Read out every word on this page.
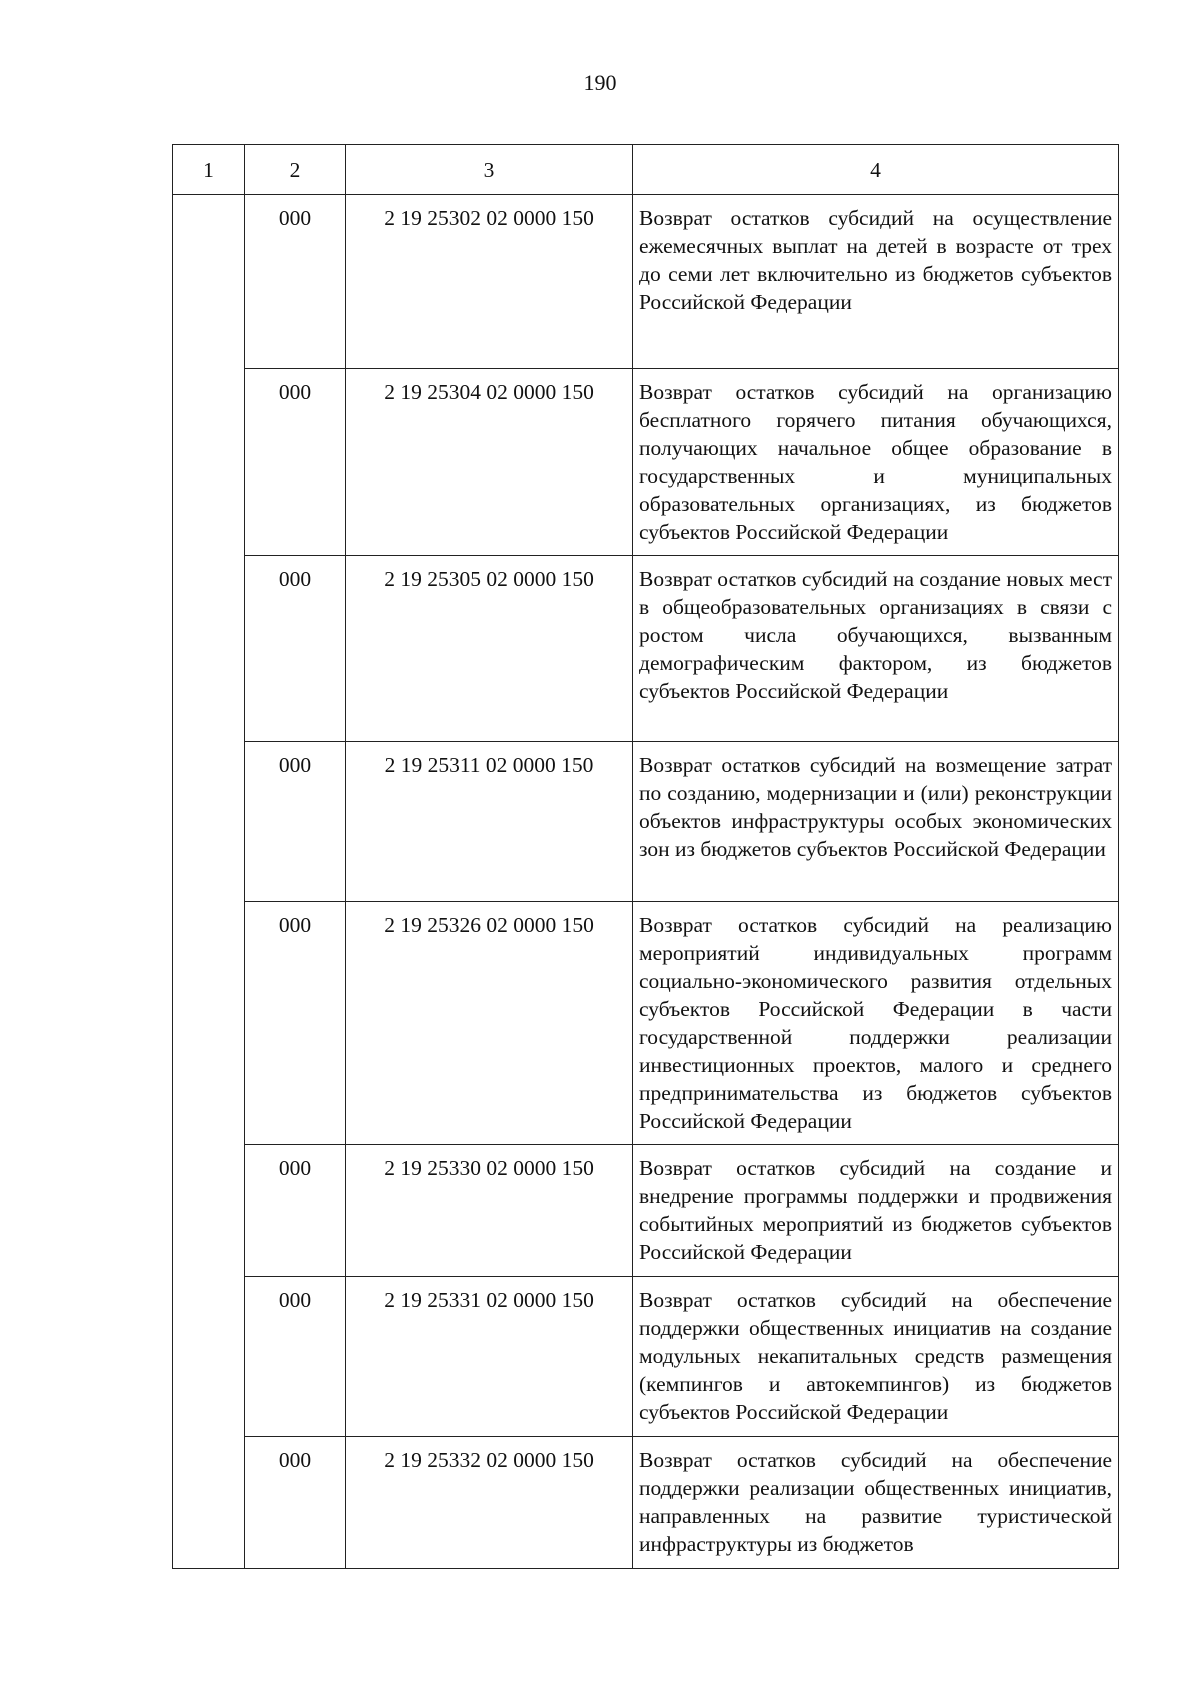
190
1	2	3	4
	000	2 19 25302 02 0000 150	Возврат остатков субсидий на осуществление ежемесячных выплат на детей в возрасте от трех до семи лет включительно из бюджетов субъектов Российской Федерации
	000	2 19 25304 02 0000 150	Возврат остатков субсидий на организацию бесплатного горячего питания обучающихся, получающих начальное общее образование в государственных и муниципальных образовательных организациях, из бюджетов субъектов Российской Федерации
	000	2 19 25305 02 0000 150	Возврат остатков субсидий на создание новых мест в общеобразовательных организациях в связи с ростом числа обучающихся, вызванным демографическим фактором, из бюджетов субъектов Российской Федерации
	000	2 19 25311 02 0000 150	Возврат остатков субсидий на возмещение затрат по созданию, модернизации и (или) реконструкции объектов инфраструктуры особых экономических зон из бюджетов субъектов Российской Федерации
	000	2 19 25326 02 0000 150	Возврат остатков субсидий на реализацию мероприятий индивидуальных программ социально-экономического развития отдельных субъектов Российской Федерации в части государственной поддержки реализации инвестиционных проектов, малого и среднего предпринимательства из бюджетов субъектов Российской Федерации
	000	2 19 25330 02 0000 150	Возврат остатков субсидий на создание и внедрение программы поддержки и продвижения событийных мероприятий из бюджетов субъектов Российской Федерации
	000	2 19 25331 02 0000 150	Возврат остатков субсидий на обеспечение поддержки общественных инициатив на создание модульных некапитальных средств размещения (кемпингов и автокемпингов) из бюджетов субъектов Российской Федерации
	000	2 19 25332 02 0000 150	Возврат остатков субсидий на обеспечение поддержки реализации общественных инициатив, направленных на развитие туристической инфраструктуры из бюджетов
